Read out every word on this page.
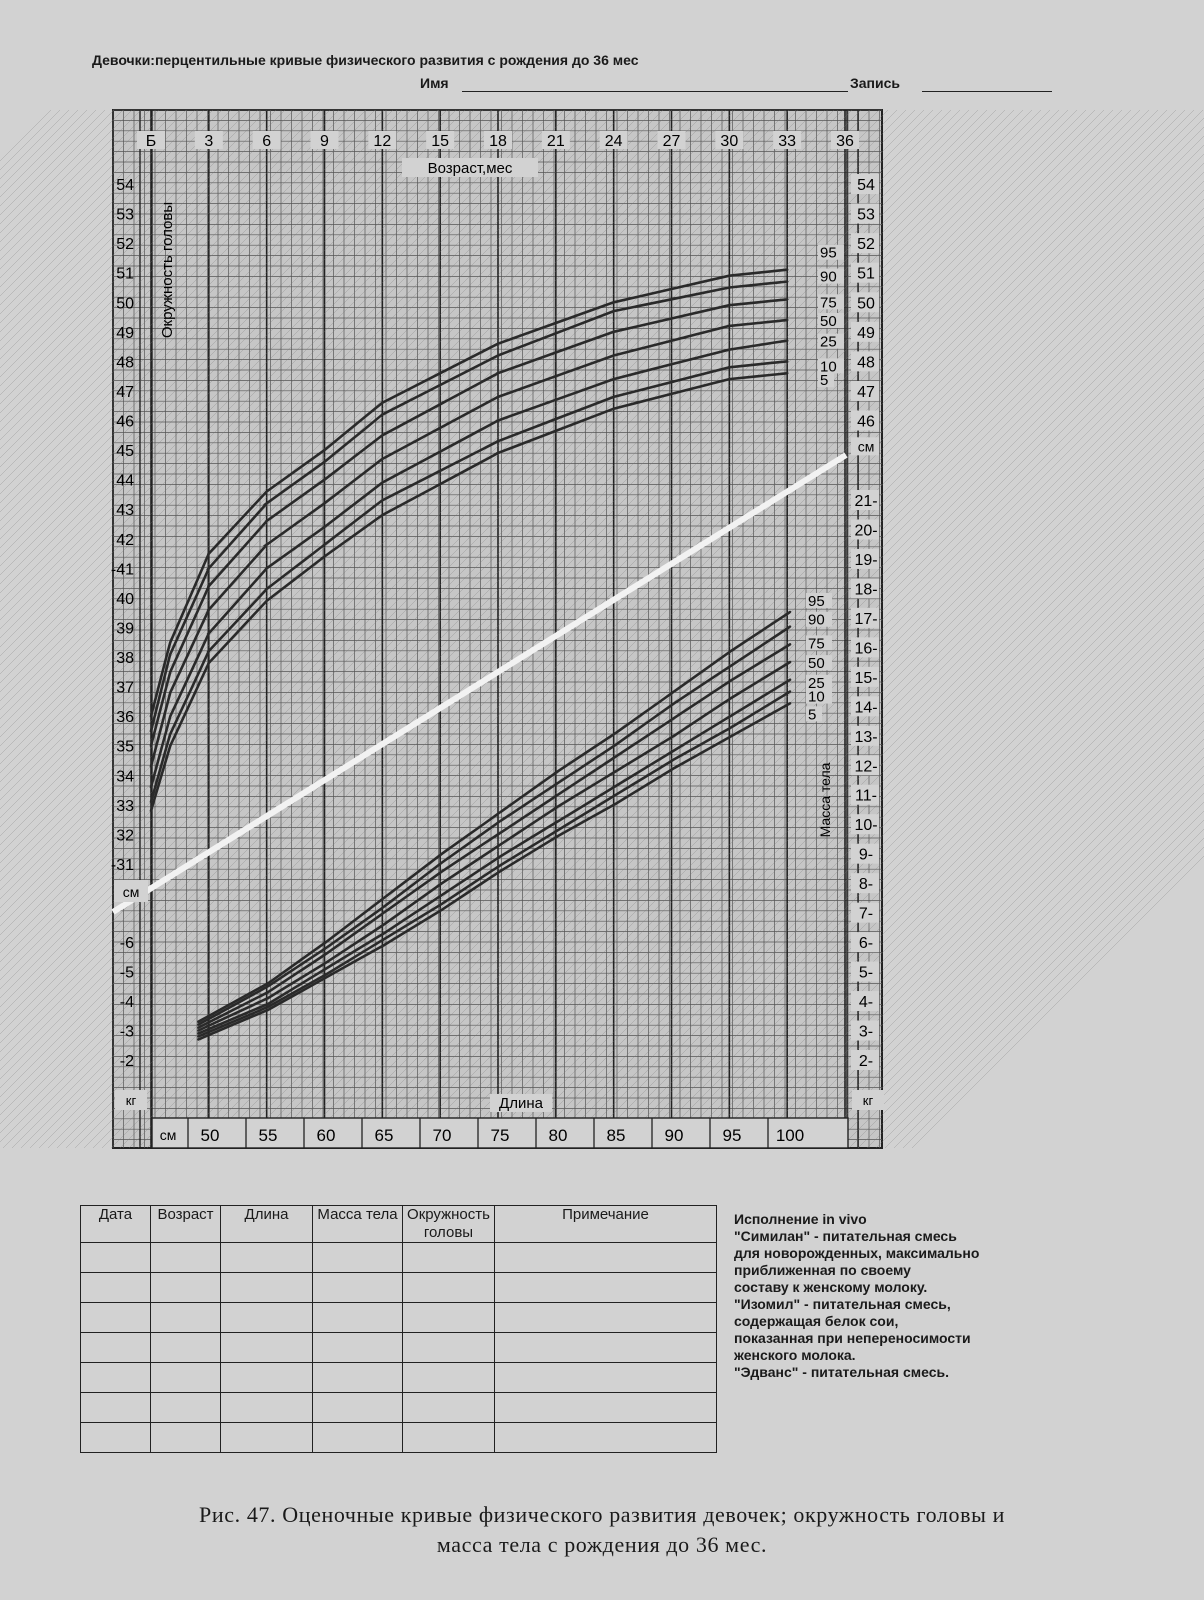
Девочки:перцентильные кривые физического развития с рождения до 36 мес
Имя	Запись
Б	3	6	9	12	15	18	21	24	27	30	33	36
-31
32
33
34
35
36
37
38
39
40
-41
42
43
44
45
46
47
48
49
50
51
52
53
54
см
46
47
48
49
50
51
52
53
54
см
-2
-3
-4
-5
-6
2-
3-
4-
5-
6-
7-
8-
9-
10-
11-
12-
13-
14-
15-
16-
17-
18-
19-
20-
21-
кг	кг
см 50 55 60 65 70 75 80 85 90 95 100
95
90
75
50
25
10
5
95
90
75
50
25
10
5
Возраст,мес
Окружность головы
Длина
Масса тела
Дата	Возраст	Длина	Масса тела	Окружность головы	Примечание

						Исполнение in vivo
"Симилан" - питательная смесь
для новорожденных, максимально
приближенная по своему
составу к женскому молоку.
"Изомил" - питательная смесь,
содержащая белок сои,
показанная при непереносимости
женского молока.
"Эдванс" - питательная смесь.
Рис. 47. Оценочные кривые физического развития девочек; окружность головы и
масса тела с рождения до 36 мес.
